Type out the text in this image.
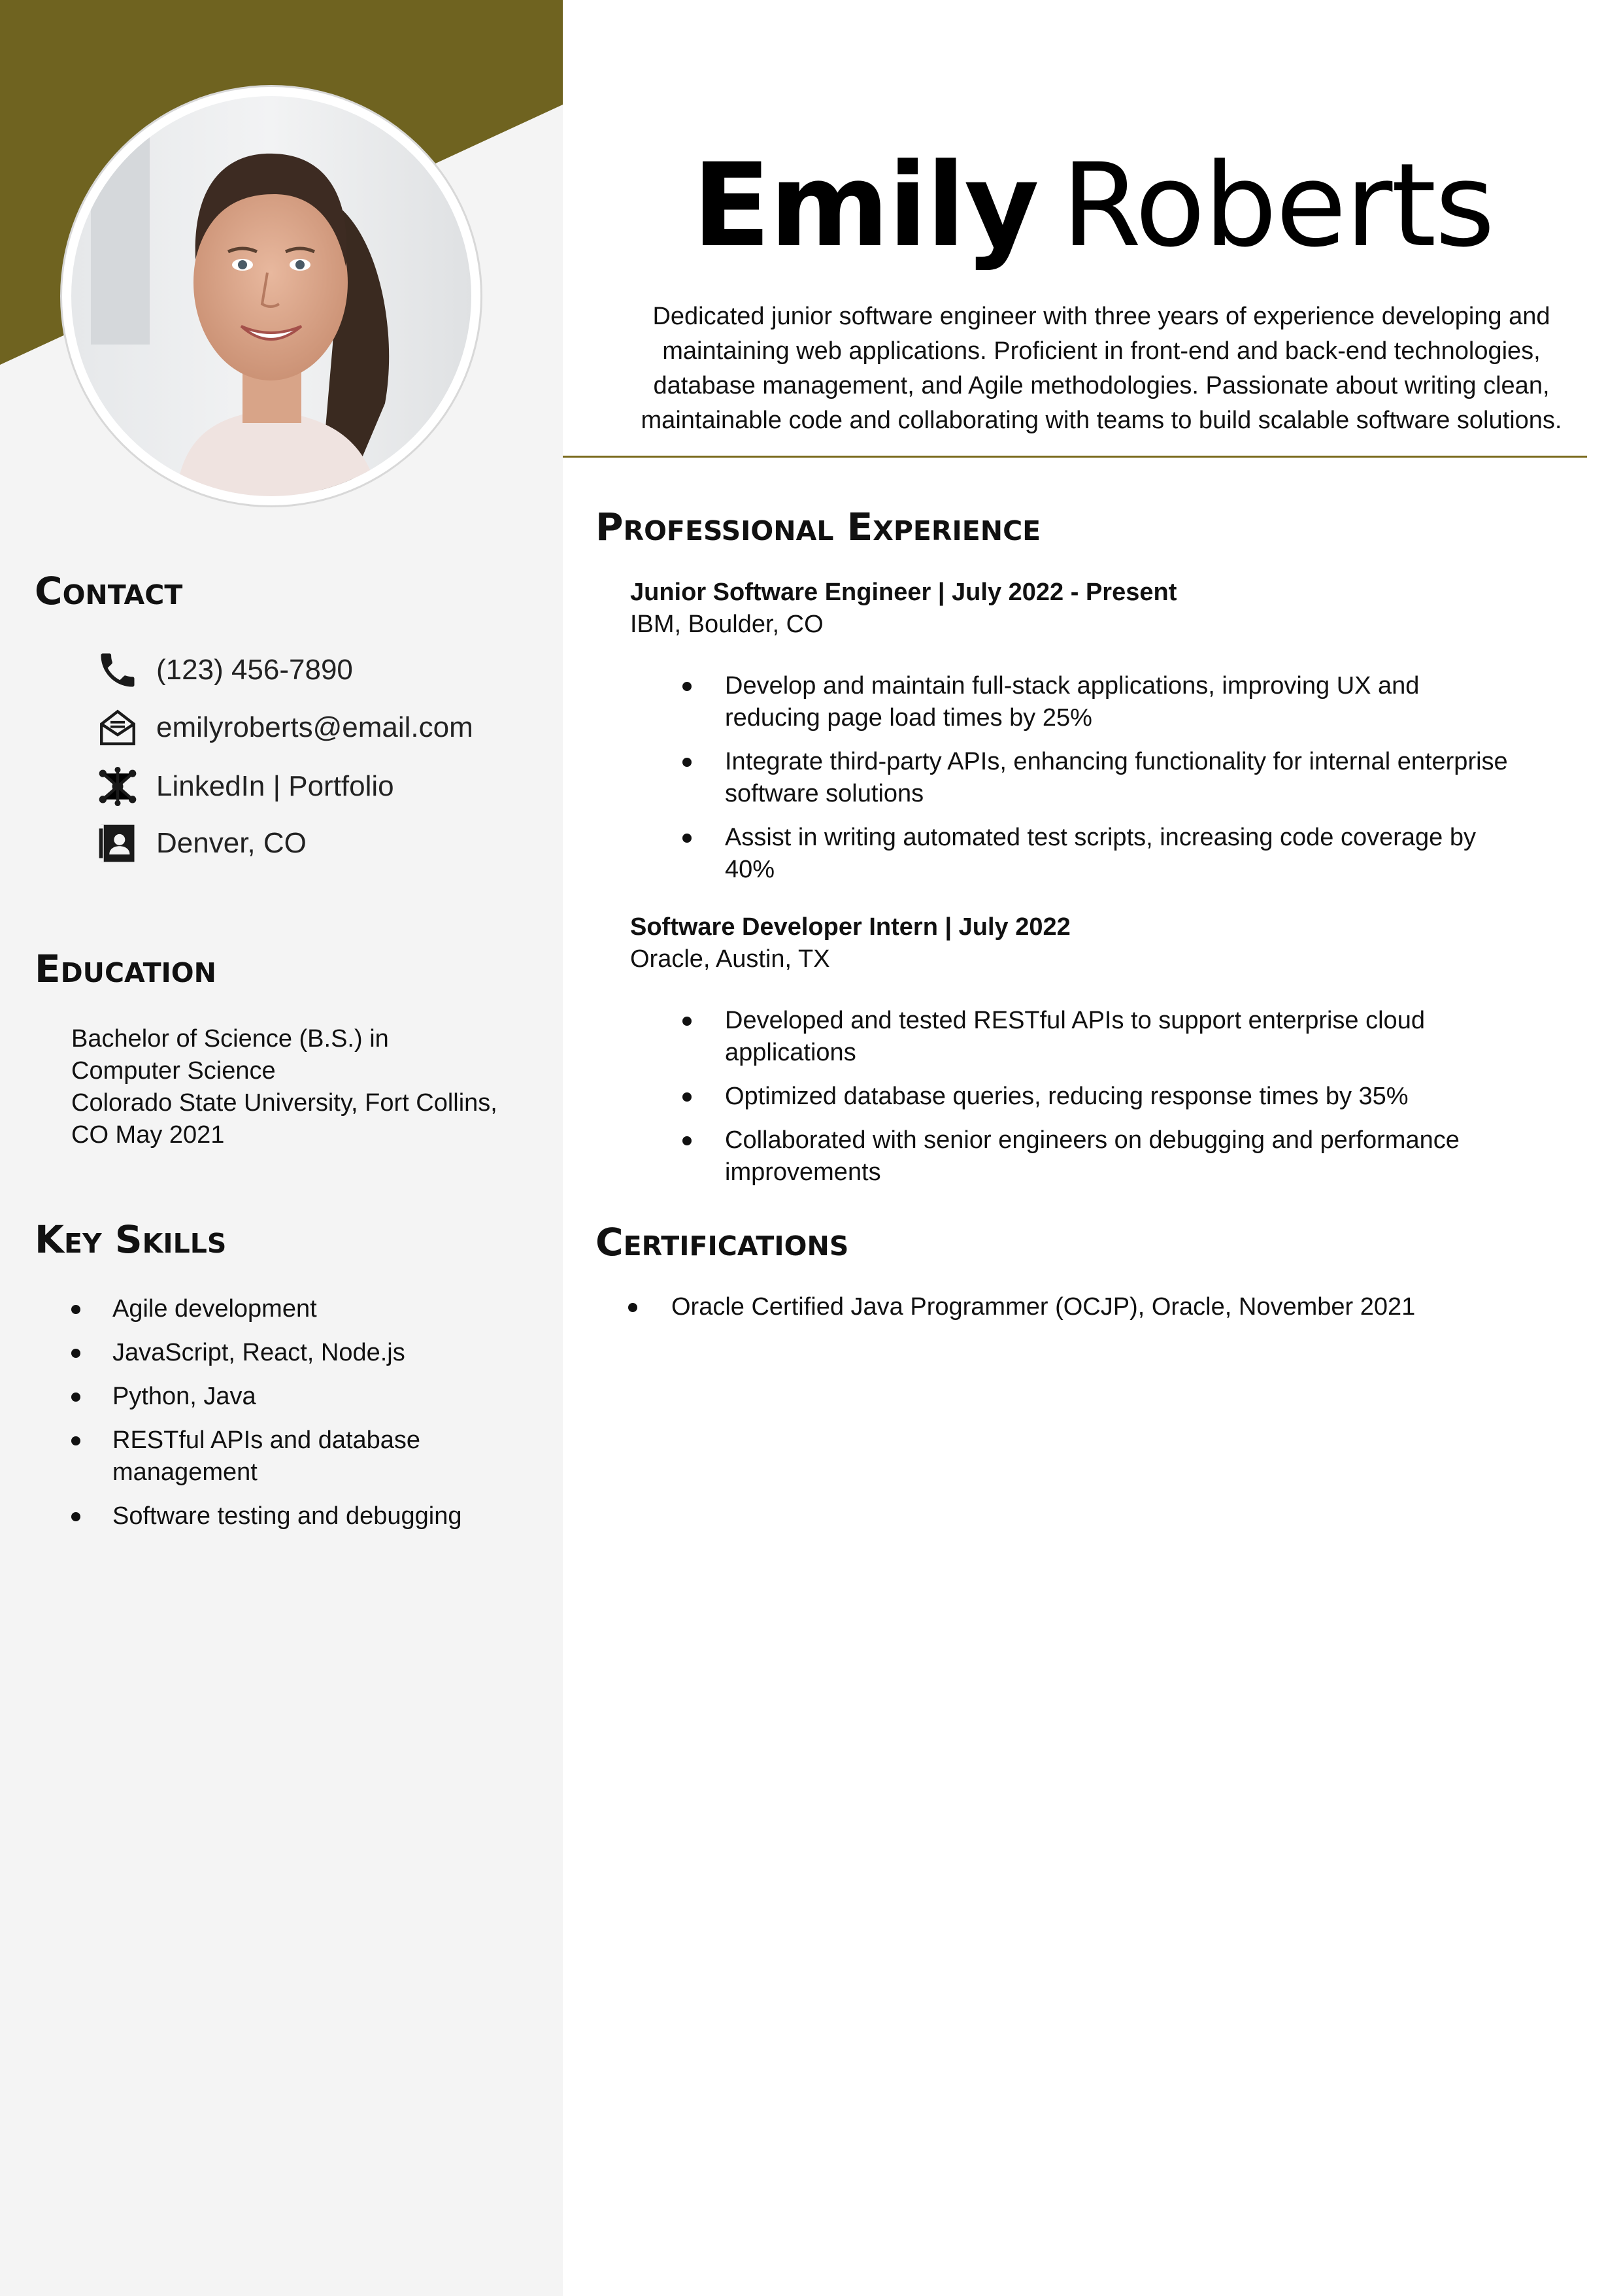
Contact
(123) 456-7890
emilyroberts@email.com
LinkedIn | Portfolio
Denver, CO
Education
Bachelor of Science (B.S.) in
Computer Science
Colorado State University, Fort Collins,
CO May 2021
Key Skills
Agile development
JavaScript, React, Node.js
Python, Java
RESTful APIs and database management
Software testing and debugging
Emily Roberts

Dedicated junior software engineer with three years of experience developing and maintaining web applications. Proficient in front-end and back-end technologies, database management, and Agile methodologies. Passionate about writing clean, maintainable code and collaborating with teams to build scalable software solutions.

Professional Experience
Junior Software Engineer | July 2022 - Present
IBM, Boulder, CO
Develop and maintain full-stack applications, improving UX and reducing page load times by 25%
Integrate third-party APIs, enhancing functionality for internal enterprise software solutions
Assist in writing automated test scripts, increasing code coverage by 40%
Software Developer Intern | July 2022
Oracle, Austin, TX
Developed and tested RESTful APIs to support enterprise cloud applications
Optimized database queries, reducing response times by 35%
Collaborated with senior engineers on debugging and performance improvements
Certifications
Oracle Certified Java Programmer (OCJP), Oracle, November 2021
